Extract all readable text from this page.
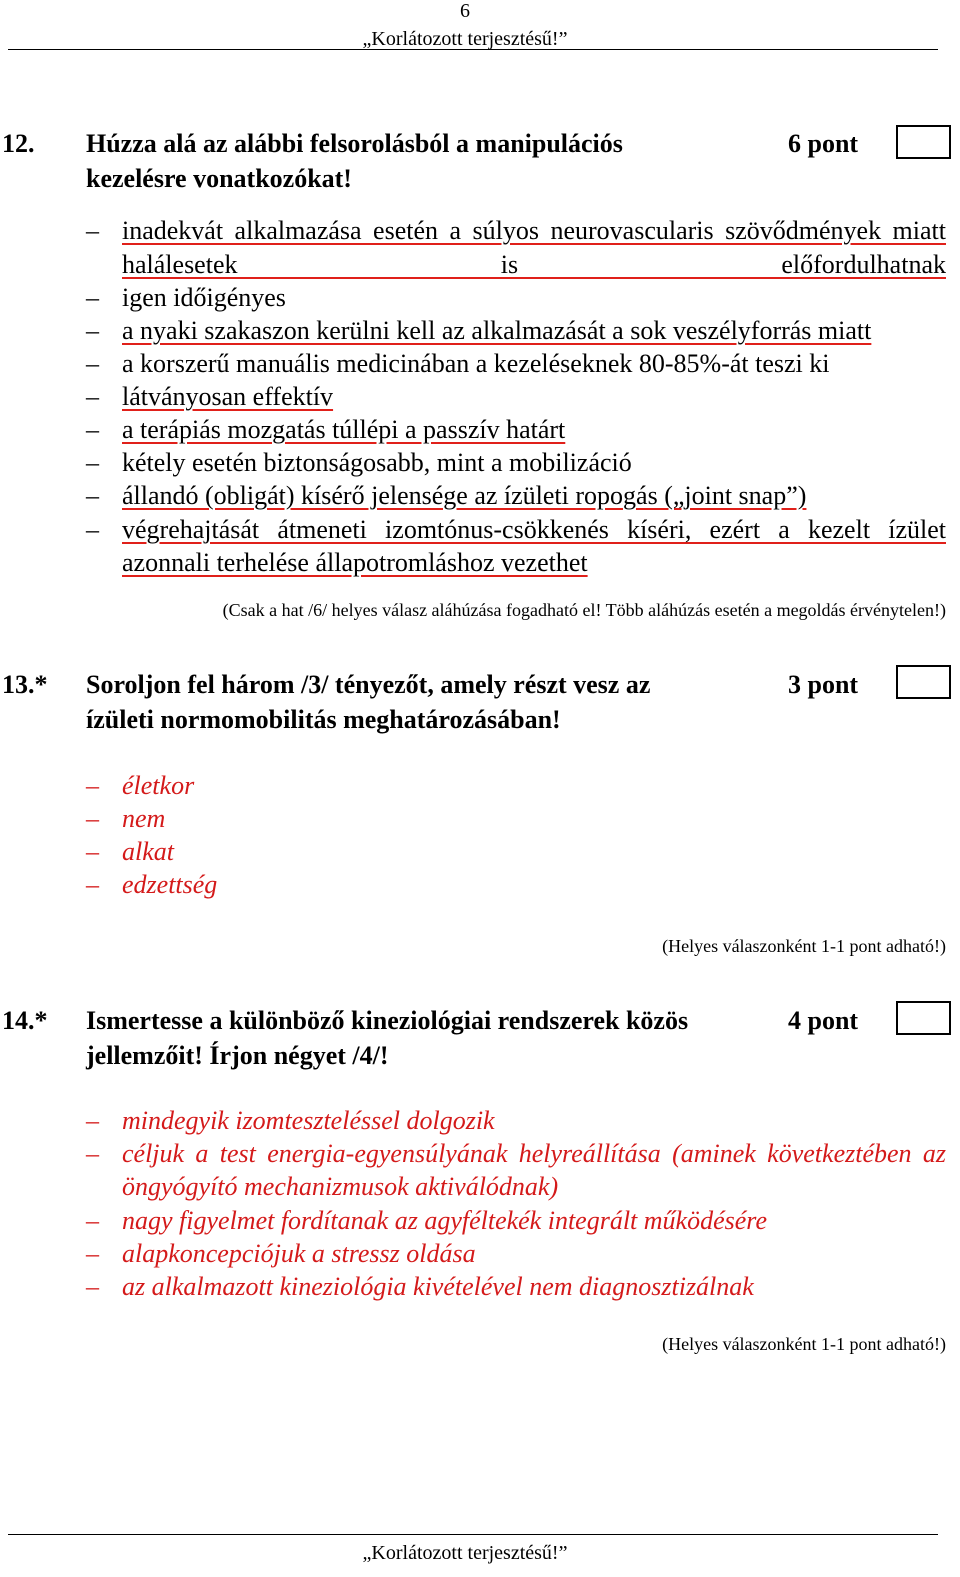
6
„Korlátozott terjesztésű!”
12. Húzza alá az alábbi felsorolásból a manipulációs
kezelésre vonatkozókat!
6 pont
– inadekvát alkalmazása esetén a súlyos neurovascularis szövődmények miatt halálesetek is előfordulhatnak
– igen időigényes
– a nyaki szakaszon kerülni kell az alkalmazását a sok veszélyforrás miatt
– a korszerű manuális medicinában a kezeléseknek 80-85%-át teszi ki
– látványosan effektív
– a terápiás mozgatás túllépi a passzív határt
– kétely esetén biztonságosabb, mint a mobilizáció
– állandó (obligát) kísérő jelensége az ízületi ropogás („joint snap”)
– végrehajtását átmeneti izomtónus-csökkenés kíséri, ezért a kezelt ízület azonnali terhelése állapotromláshoz vezethet
(Csak a hat /6/ helyes válasz aláhúzása fogadható el! Több aláhúzás esetén a megoldás érvénytelen!)
13.* Soroljon fel három /3/ tényezőt, amely részt vesz az
ízületi normomobilitás meghatározásában!
3 pont
– életkor
– nem
– alkat
– edzettség
(Helyes válaszonként 1-1 pont adható!)
14.* Ismertesse a különböző kineziológiai rendszerek közös
jellemzőit! Írjon négyet /4/!
4 pont
– mindegyik izomteszteléssel dolgozik
– céljuk a test energia-egyensúlyának helyreállítása (aminek következtében az öngyógyító mechanizmusok aktiválódnak)
– nagy figyelmet fordítanak az agyféltekék integrált működésére
– alapkoncepciójuk a stressz oldása
– az alkalmazott kineziológia kivételével nem diagnosztizálnak
(Helyes válaszonként 1-1 pont adható!)
„Korlátozott terjesztésű!”
